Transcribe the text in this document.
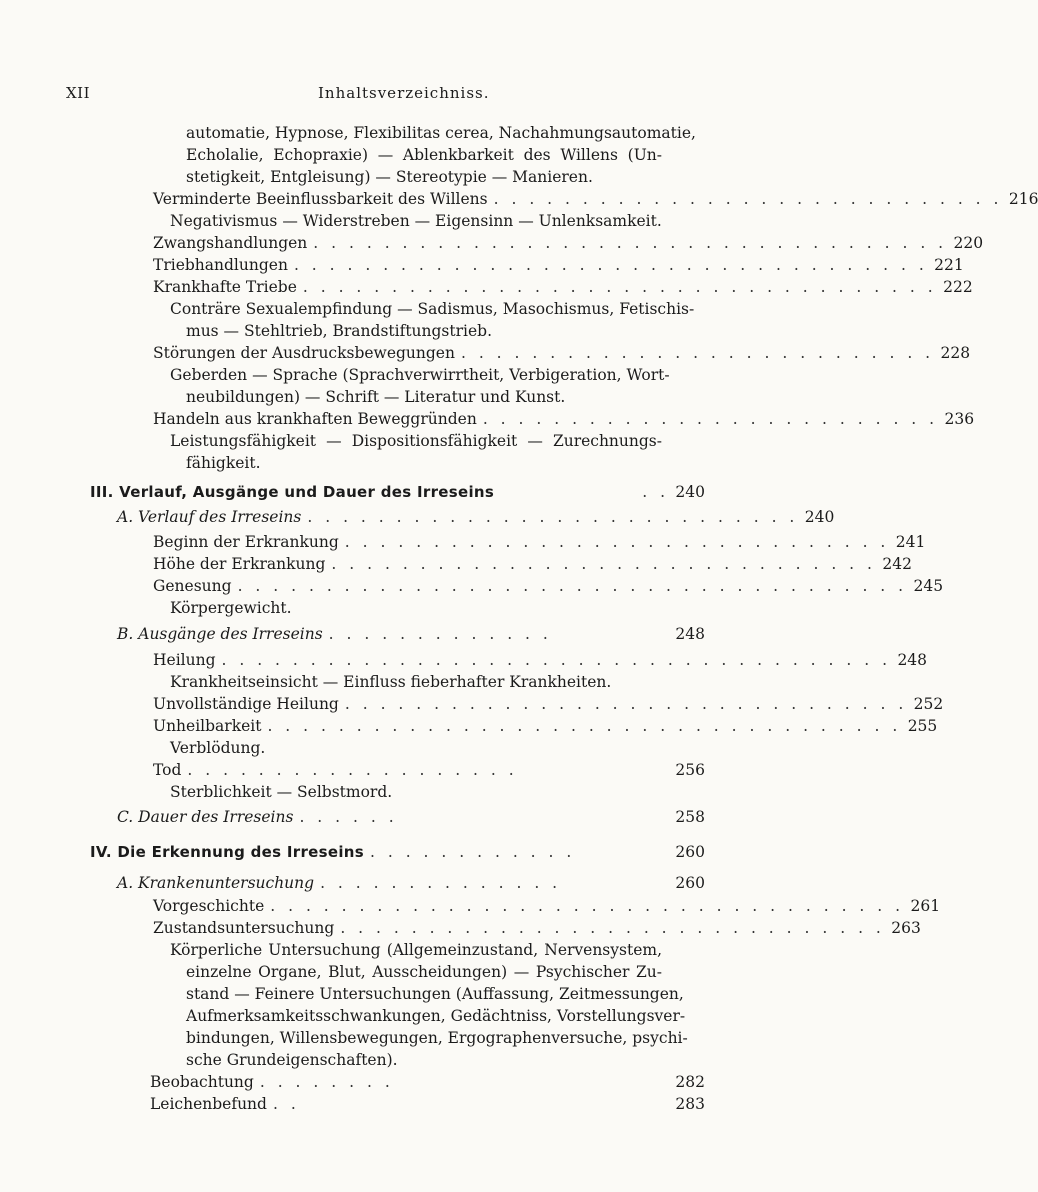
XII	Inhaltsverzeichniss.
automatie, Hypnose, Flexibilitas cerea, Nachahmungsautomatie,
Echolalie, Echopraxie) — Ablenkbarkeit des Willens (Un-
stetigkeit, Entgleisung) — Stereotypie — Manieren.
Verminderte Beeinflussbarkeit des Willens . . . . . . . . . . . . . . . . . . . . . . . . . . . . . 216
Negativismus — Widerstreben — Eigensinn — Unlenksamkeit.
Zwangshandlungen . . . . . . . . . . . . . . . . . . . . . . . . . . . . . . . . . . . . 220
Triebhandlungen . . . . . . . . . . . . . . . . . . . . . . . . . . . . . . . . . . . . 221
Krankhafte Triebe . . . . . . . . . . . . . . . . . . . . . . . . . . . . . . . . . . . . 222
Conträre Sexualempfindung — Sadismus, Masochismus, Fetischis-
mus — Stehltrieb, Brandstiftungstrieb.
Störungen der Ausdrucksbewegungen . . . . . . . . . . . . . . . . . . . . . . . . . . . 228
Geberden — Sprache (Sprachverwirrtheit, Verbigeration, Wort-
neubildungen) — Schrift — Literatur und Kunst.
Handeln aus krankhaften Beweggründen . . . . . . . . . . . . . . . . . . . . . . . . . . 236
Leistungsfähigkeit — Dispositionsfähigkeit — Zurechnungs-
fähigkeit.
III. Verlauf, Ausgänge und Dauer des Irreseins	. . 240
A. Verlauf des Irreseins . . . . . . . . . . . . . . . . . . . . . . . . . . . . 240
Beginn der Erkrankung . . . . . . . . . . . . . . . . . . . . . . . . . . . . . . . 241
Höhe der Erkrankung . . . . . . . . . . . . . . . . . . . . . . . . . . . . . . . 242
Genesung . . . . . . . . . . . . . . . . . . . . . . . . . . . . . . . . . . . . . . 245
Körpergewicht.
B. Ausgänge des Irreseins . . . . . . . . . . . . .	248
Heilung . . . . . . . . . . . . . . . . . . . . . . . . . . . . . . . . . . . . . . 248
Krankheitseinsicht — Einfluss fieberhafter Krankheiten.
Unvollständige Heilung . . . . . . . . . . . . . . . . . . . . . . . . . . . . . . . . 252
Unheilbarkeit . . . . . . . . . . . . . . . . . . . . . . . . . . . . . . . . . . . . 255
Verblödung.
Tod . . . . . . . . . . . . . . . . . . .	256
Sterblichkeit — Selbstmord.
C. Dauer des Irreseins . . . . . .	258
IV. Die Erkennung des Irreseins . . . . . . . . . . . .	260
A. Krankenuntersuchung . . . . . . . . . . . . . .	260
Vorgeschichte . . . . . . . . . . . . . . . . . . . . . . . . . . . . . . . . . . . . 261
Zustandsuntersuchung . . . . . . . . . . . . . . . . . . . . . . . . . . . . . . . 263
Körperliche Untersuchung (Allgemeinzustand, Nervensystem,
einzelne Organe, Blut, Ausscheidungen) — Psychischer Zu-
stand — Feinere Untersuchungen (Auffassung, Zeitmessungen,
Aufmerksamkeitsschwankungen, Gedächtniss, Vorstellungsver-
bindungen, Willensbewegungen, Ergographenversuche, psychi-
sche Grundeigenschaften).
Beobachtung . . . . . . . .	282
Leichenbefund . .	283
